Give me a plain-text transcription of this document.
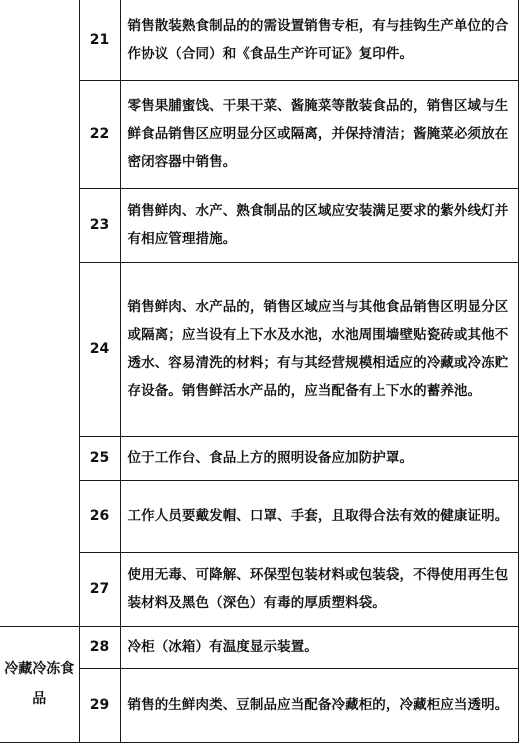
	21	销售散装熟食制品的的需设置销售专柜，有与挂钩生产单位的合作协议（合同）和《食品生产许可证》复印件。
	22	零售果脯蜜饯、干果干菜、酱腌菜等散装食品的，销售区域与生鲜食品销售区应明显分区或隔离，并保持清洁；酱腌菜必须放在密闭容器中销售。
	23	销售鲜肉、水产、熟食制品的区域应安装满足要求的紫外线灯并有相应管理措施。
	24	销售鲜肉、水产品的，销售区域应当与其他食品销售区明显分区或隔离；应当设有上下水及水池，水池周围墙壁贴瓷砖或其他不透水、容易清洗的材料；有与其经营规模相适应的冷藏或冷冻贮存设备。销售鲜活水产品的，应当配备有上下水的蓄养池。
	25	位于工作台、食品上方的照明设备应加防护罩。
	26	工作人员要戴发帽、口罩、手套，且取得合法有效的健康证明。
	27	使用无毒、可降解、环保型包装材料或包装袋，不得使用再生包装材料及黑色（深色）有毒的厚质塑料袋。
冷藏冷冻食品	28	冷柜（冰箱）有温度显示装置。
	29	销售的生鲜肉类、豆制品应当配备冷藏柜的，冷藏柜应当透明。
